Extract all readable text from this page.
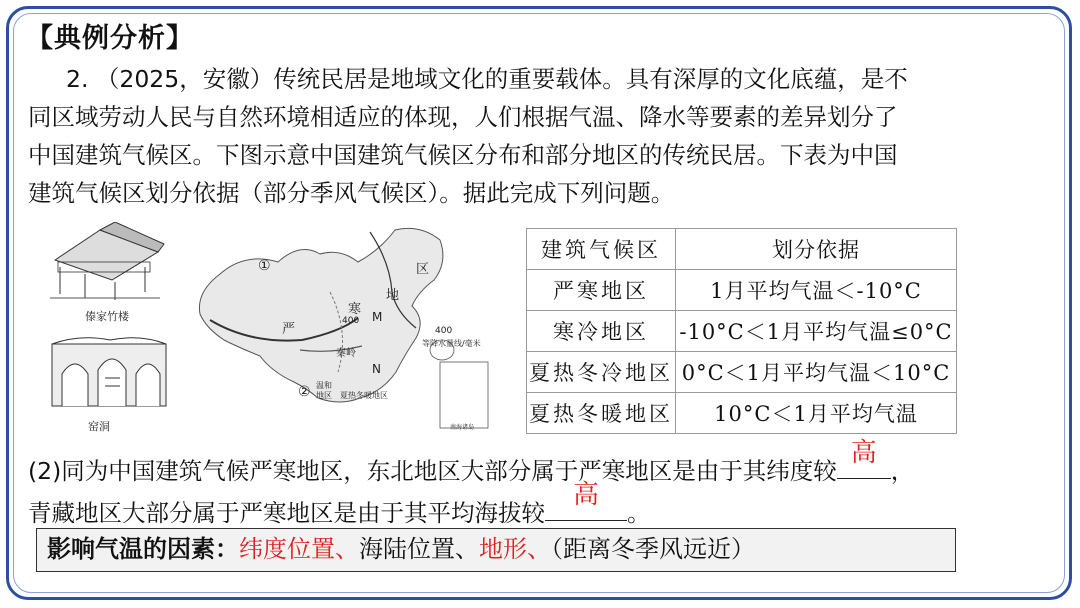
【典例分析】

2. （2025，安徽）传统民居是地域文化的重要载体。具有深厚的文化底蕴，是不

同区域劳动人民与自然环境相适应的体现，人们根据气温、降水等要素的差异划分了

中国建筑气候区。下图示意中国建筑气候区分布和部分地区的传统民居。下表为中国

建筑气候区划分依据（部分季风气候区）。据此完成下列问题。

傣家竹楼
窑洞
①
严
寒
地
区
400 M
秦岭
N
② 温和
地区 夏热冬暖地区
400
等降水量线/毫米
南海诸岛
建筑气候区	划分依据
严寒地区	1月平均气温＜-10°C
寒冷地区	-10°C＜1月平均气温≤0°C
夏热冬冷地区	0°C＜1月平均气温＜10°C
夏热冬暖地区	10°C＜1月平均气温
(2)同为中国建筑气候严寒地区，东北地区大部分属于严寒地区是由于其纬度较
高
，
青藏地区大部分属于严寒地区是由于其平均海拔较
高
。
影响气温的因素：纬度位置、海陆位置、地形、（距离冬季风远近）
